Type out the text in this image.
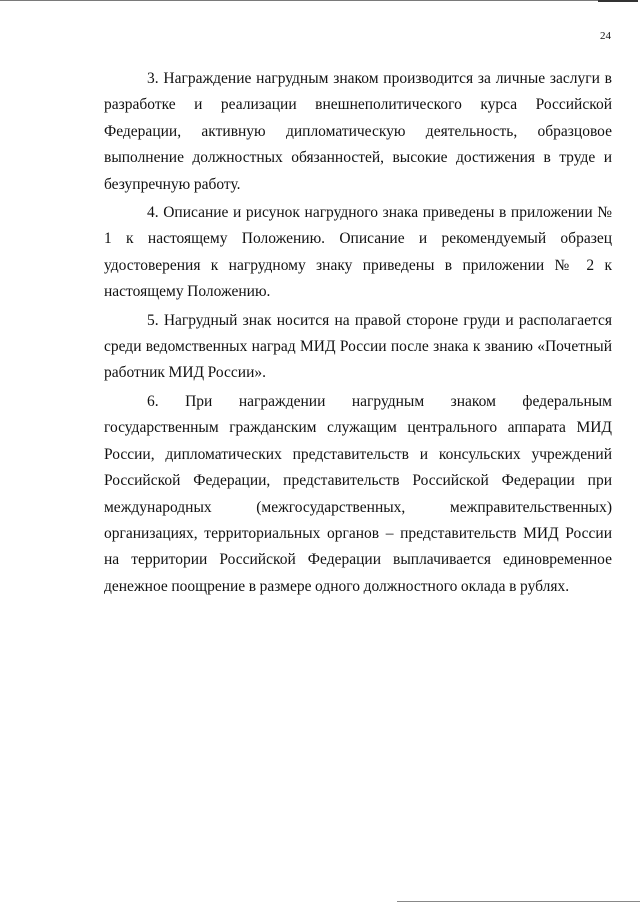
24

3. Награждение нагрудным знаком производится за личные заслуги в разработке и реализации внешнеполитического курса Российской Федерации, активную дипломатическую деятельность, образцовое выполнение должностных обязанностей, высокие достижения в труде и безупречную работу.

4. Описание и рисунок нагрудного знака приведены в приложении № 1 к настоящему Положению. Описание и рекомендуемый образец удостоверения к нагрудному знаку приведены в приложении № 2 к настоящему Положению.

5. Нагрудный знак носится на правой стороне груди и располагается среди ведомственных наград МИД России после знака к званию «Почетный работник МИД России».

6. При награждении нагрудным знаком федеральным государственным гражданским служащим центрального аппарата МИД России, дипломатических представительств и консульских учреждений Российской Федерации, представительств Российской Федерации при международных (межгосударственных, межправительственных) организациях, территориальных органов – представительств МИД России на территории Российской Федерации выплачивается единовременное денежное поощрение в размере одного должностного оклада в рублях.
